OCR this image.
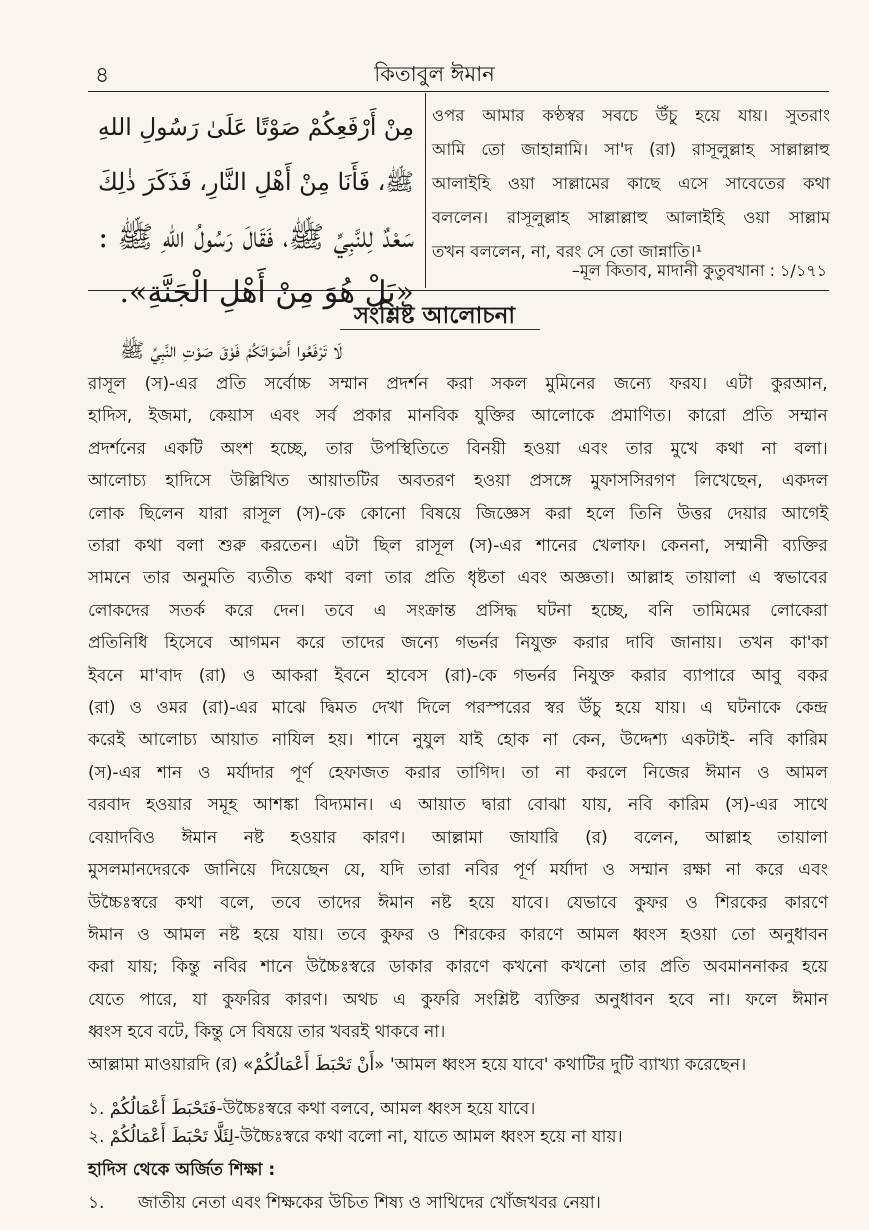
৪	কিতাবুল ঈমান
مِنْ أَرْفَعِكُمْ صَوْتًا عَلَىٰ رَسُولِ اللهِ
ﷺ، فَأَنَا مِنْ أَهْلِ النَّارِ، فَذَكَرَ ذٰلِكَ
سَعْدٌ لِلنَّبِيِّ ﷺ، فَقَالَ رَسُولُ اللهِ ﷺ :
«بَلْ هُوَ مِنْ أَهْلِ الْجَنَّةِ».
ওপর আমার কণ্ঠস্বর সবচে উঁচু হয়ে যায়। সুতরাং
আমি তো জাহান্নামি। সা'দ (রা) রাসূলুল্লাহ সাল্লাল্লাহু
আলাইহি ওয়া সাল্লামের কাছে এসে সাবেতের কথা
বললেন। রাসূলুল্লাহ সাল্লাল্লাহু আলাইহি ওয়া সাল্লাম
তখন বললেন, না, বরং সে তো জান্নাতি।¹
–মূল কিতাব, মাদানী কুতুবখানা : ১/১৭১
সংশ্লিষ্ট আলোচনা
لَا تَرْفَعُوا أَصْوَاتَكُمْ فَوْقَ صَوْتِ النَّبِيِّ ﷺ
রাসূল (স)-এর প্রতি সর্বোচ্চ সম্মান প্রদর্শন করা সকল মুমিনের জন্যে ফরয। এটা কুরআন,
হাদিস, ইজমা, কেয়াস এবং সর্ব প্রকার মানবিক যুক্তির আলোকে প্রমাণিত। কারো প্রতি সম্মান
প্রদর্শনের একটি অংশ হচ্ছে, তার উপস্থিতিতে বিনয়ী হওয়া এবং তার মুখে কথা না বলা।
আলোচ্য হাদিসে উল্লিখিত আয়াতটির অবতরণ হওয়া প্রসঙ্গে মুফাসসিরগণ লিখেছেন, একদল
লোক ছিলেন যারা রাসূল (স)-কে কোনো বিষয়ে জিজ্ঞেস করা হলে তিনি উত্তর দেয়ার আগেই
তারা কথা বলা শুরু করতেন। এটা ছিল রাসূল (স)-এর শানের খেলাফ। কেননা, সম্মানী ব্যক্তির
সামনে তার অনুমতি ব্যতীত কথা বলা তার প্রতি ধৃষ্টতা এবং অজ্ঞতা। আল্লাহ তায়ালা এ স্বভাবের
লোকদের সতর্ক করে দেন। তবে এ সংক্রান্ত প্রসিদ্ধ ঘটনা হচ্ছে, বনি তামিমের লোকেরা
প্রতিনিধি হিসেবে আগমন করে তাদের জন্যে গভর্নর নিযুক্ত করার দাবি জানায়। তখন কা'কা
ইবনে মা'বাদ (রা) ও আকরা ইবনে হাবেস (রা)-কে গভর্নর নিযুক্ত করার ব্যাপারে আবু বকর
(রা) ও ওমর (রা)-এর মাঝে দ্বিমত দেখা দিলে পরস্পরের স্বর উঁচু হয়ে যায়। এ ঘটনাকে কেন্দ্র
করেই আলোচ্য আয়াত নাযিল হয়। শানে নুযুল যাই হোক না কেন, উদ্দেশ্য একটাই- নবি কারিম
(স)-এর শান ও মর্যাদার পূর্ণ হেফাজত করার তাগিদ। তা না করলে নিজের ঈমান ও আমল
বরবাদ হওয়ার সমূহ আশঙ্কা বিদ্যমান। এ আয়াত দ্বারা বোঝা যায়, নবি কারিম (স)-এর সাথে
বেয়াদবিও ঈমান নষ্ট হওয়ার কারণ। আল্লামা জাযারি (র) বলেন, আল্লাহ তায়ালা
মুসলমানদেরকে জানিয়ে দিয়েছেন যে, যদি তারা নবির পূর্ণ মর্যাদা ও সম্মান রক্ষা না করে এবং
উচ্চৈঃস্বরে কথা বলে, তবে তাদের ঈমান নষ্ট হয়ে যাবে। যেভাবে কুফর ও শিরকের কারণে
ঈমান ও আমল নষ্ট হয়ে যায়। তবে কুফর ও শিরকের কারণে আমল ধ্বংস হওয়া তো অনুধাবন
করা যায়; কিন্তু নবির শানে উচ্চৈঃস্বরে ডাকার কারণে কখনো কখনো তার প্রতি অবমাননাকর হয়ে
যেতে পারে, যা কুফরির কারণ। অথচ এ কুফরি সংশ্লিষ্ট ব্যক্তির অনুধাবন হবে না। ফলে ঈমান
ধ্বংস হবে বটে, কিন্তু সে বিষয়ে তার খবরই থাকবে না।
আল্লামা মাওয়ারদি (র) «أَنْ تَحْبَطَ أَعْمَالُكُمْ» 'আমল ধ্বংস হয়ে যাবে' কথাটির দুটি ব্যাখ্যা করেছেন।
১. فَتَحْبَطَ أَعْمَالُكُمْ-উচ্চৈঃস্বরে কথা বলবে, আমল ধ্বংস হয়ে যাবে।
২. لِئَلَّا تَحْبَطَ أَعْمَالُكُمْ-উচ্চৈঃস্বরে কথা বলো না, যাতে আমল ধ্বংস হয়ে না যায়।
হাদিস থেকে অর্জিত শিক্ষা :
১. জাতীয় নেতা এবং শিক্ষকের উচিত শিষ্য ও সাথিদের খোঁজখবর নেয়া।
